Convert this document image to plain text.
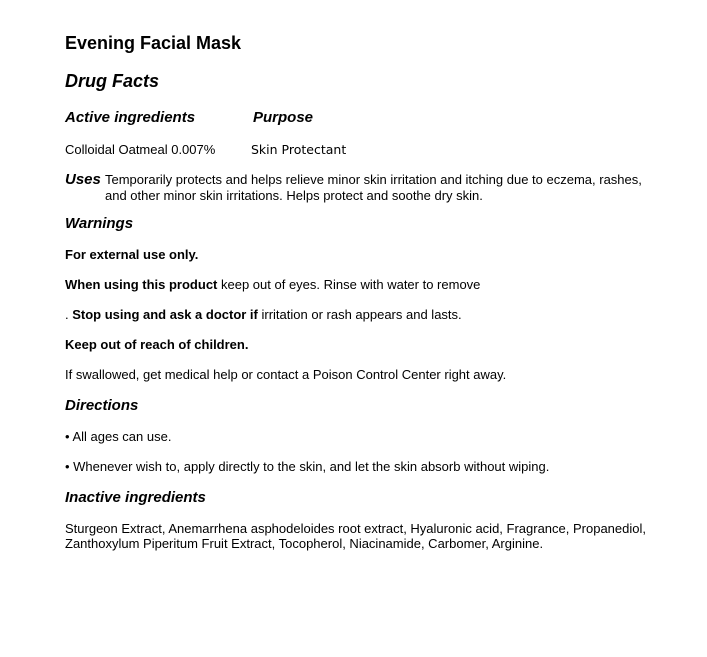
Evening Facial Mask
Drug Facts
Active ingredients	Purpose
Colloidal Oatmeal 0.007%	Skin Protectant
Uses Temporarily protects and helps relieve minor skin irritation and itching due to eczema, rashes, and other minor skin irritations. Helps protect and soothe dry skin.
Warnings
For external use only.
When using this product keep out of eyes. Rinse with water to remove
. Stop using and ask a doctor if irritation or rash appears and lasts.
Keep out of reach of children.
If swallowed, get medical help or contact a Poison Control Center right away.
Directions
• All ages can use.
• Whenever wish to, apply directly to the skin, and let the skin absorb without wiping.
Inactive ingredients
Sturgeon Extract, Anemarrhena asphodeloides root extract, Hyaluronic acid, Fragrance, Propanediol, Zanthoxylum Piperitum Fruit Extract, Tocopherol, Niacinamide, Carbomer, Arginine.
